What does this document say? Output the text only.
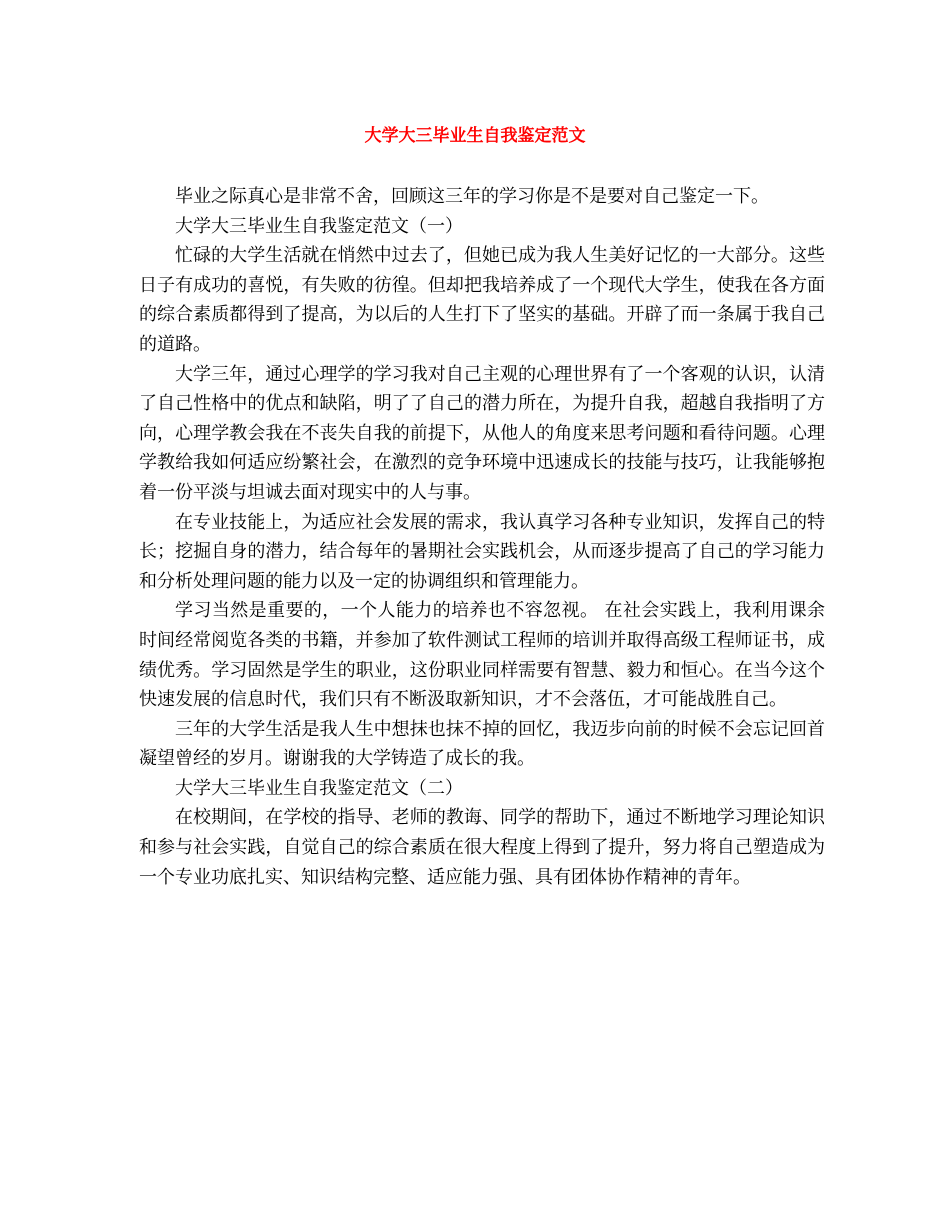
大学大三毕业生自我鉴定范文

毕业之际真心是非常不舍，回顾这三年的学习你是不是要对自己鉴定一下。

大学大三毕业生自我鉴定范文（一）

忙碌的大学生活就在悄然中过去了，但她已成为我人生美好记忆的一大部分。这些日子有成功的喜悦，有失败的彷徨。但却把我培养成了一个现代大学生，使我在各方面的综合素质都得到了提高，为以后的人生打下了坚实的基础。开辟了而一条属于我自己的道路。

大学三年，通过心理学的学习我对自己主观的心理世界有了一个客观的认识，认清了自己性格中的优点和缺陷，明了了自己的潜力所在，为提升自我，超越自我指明了方向，心理学教会我在不丧失自我的前提下，从他人的角度来思考问题和看待问题。心理学教给我如何适应纷繁社会，在激烈的竞争环境中迅速成长的技能与技巧，让我能够抱着一份平淡与坦诚去面对现实中的人与事。

在专业技能上，为适应社会发展的需求，我认真学习各种专业知识，发挥自己的特长；挖掘自身的潜力，结合每年的暑期社会实践机会，从而逐步提高了自己的学习能力和分析处理问题的能力以及一定的协调组织和管理能力。

学习当然是重要的，一个人能力的培养也不容忽视。 在社会实践上，我利用课余时间经常阅览各类的书籍，并参加了软件测试工程师的培训并取得高级工程师证书，成绩优秀。学习固然是学生的职业，这份职业同样需要有智慧、毅力和恒心。在当今这个快速发展的信息时代，我们只有不断汲取新知识，才不会落伍，才可能战胜自己。

三年的大学生活是我人生中想抹也抹不掉的回忆，我迈步向前的时候不会忘记回首凝望曾经的岁月。谢谢我的大学铸造了成长的我。

大学大三毕业生自我鉴定范文（二）

在校期间，在学校的指导、老师的教诲、同学的帮助下，通过不断地学习理论知识和参与社会实践，自觉自己的综合素质在很大程度上得到了提升，努力将自己塑造成为一个专业功底扎实、知识结构完整、适应能力强、具有团体协作精神的青年。
